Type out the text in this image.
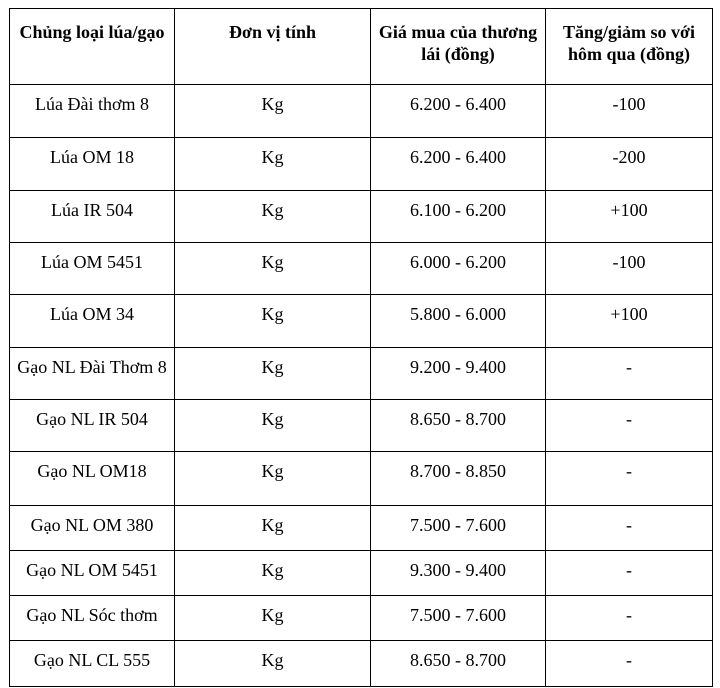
Chủng loại lúa/gạo	Đơn vị tính	Giá mua của thương lái (đồng)	Tăng/giảm so với hôm qua (đồng)
Lúa Đài thơm 8	Kg	6.200 - 6.400	-100
Lúa OM 18	Kg	6.200 - 6.400	-200
Lúa IR 504	Kg	6.100 - 6.200	+100
Lúa OM 5451	Kg	6.000 - 6.200	-100
Lúa OM 34	Kg	5.800 - 6.000	+100
Gạo NL Đài Thơm 8	Kg	9.200 - 9.400	-
Gạo NL IR 504	Kg	8.650 - 8.700	-
Gạo NL OM18	Kg	8.700 - 8.850	-
Gạo NL OM 380	Kg	7.500 - 7.600	-
Gạo NL OM 5451	Kg	9.300 - 9.400	-
Gạo NL Sóc thơm	Kg	7.500 - 7.600	-
Gạo NL CL 555	Kg	8.650 - 8.700	-
